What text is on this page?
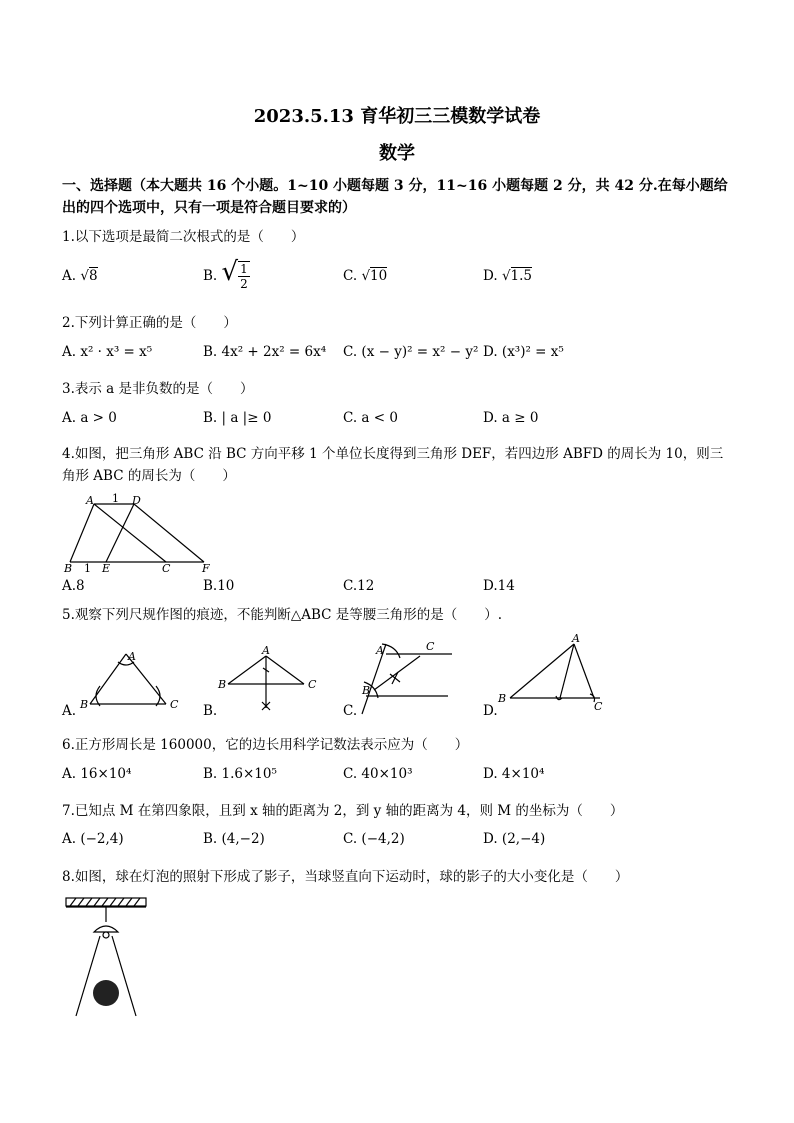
2023.5.13 育华初三三模数学试卷
数学
一、选择题（本大题共 16 个小题。1~10 小题每题 3 分，11~16 小题每题 2 分，共 42 分.在每小题给出的四个选项中，只有一项是符合题目要求的）
1.以下选项是最简二次根式的是（　　）
A. √8	B. √ $\frac{1}{2}$	C. √10	D. √1.5
2.下列计算正确的是（　　）
A. x² · x³ = x⁵	B. 4x² + 2x² = 6x⁴ C. (x − y)² = x² − y² D. (x³)² = x⁵
3.表示 a 是非负数的是（　　）
A. a > 0	B. | a |≥ 0	C. a < 0	D. a ≥ 0
4.如图，把三角形 ABC 沿 BC 方向平移 1 个单位长度得到三角形 DEF，若四边形 ABFD 的周长为 10，则三角形 ABC 的周长为（　　）
A 1 D
B 1 E	C	F
A.8	B.10	C.12	D.14
5.观察下列尺规作图的痕迹，不能判断△ABC 是等腰三角形的是（　　）.
A
B	C
A.
A
B	C
B.
A
B
C
C.
A
B
C
D.
6.正方形周长是 160000，它的边长用科学记数法表示应为（　　）
A. 16×10⁴	B. 1.6×10⁵	C. 40×10³	D. 4×10⁴
7.已知点 M 在第四象限，且到 x 轴的距离为 2，到 y 轴的距离为 4，则 M 的坐标为（　　）
A. (−2,4)	B. (4,−2)	C. (−4,2)	D. (2,−4)
8.如图，球在灯泡的照射下形成了影子，当球竖直向下运动时，球的影子的大小变化是（　　）
